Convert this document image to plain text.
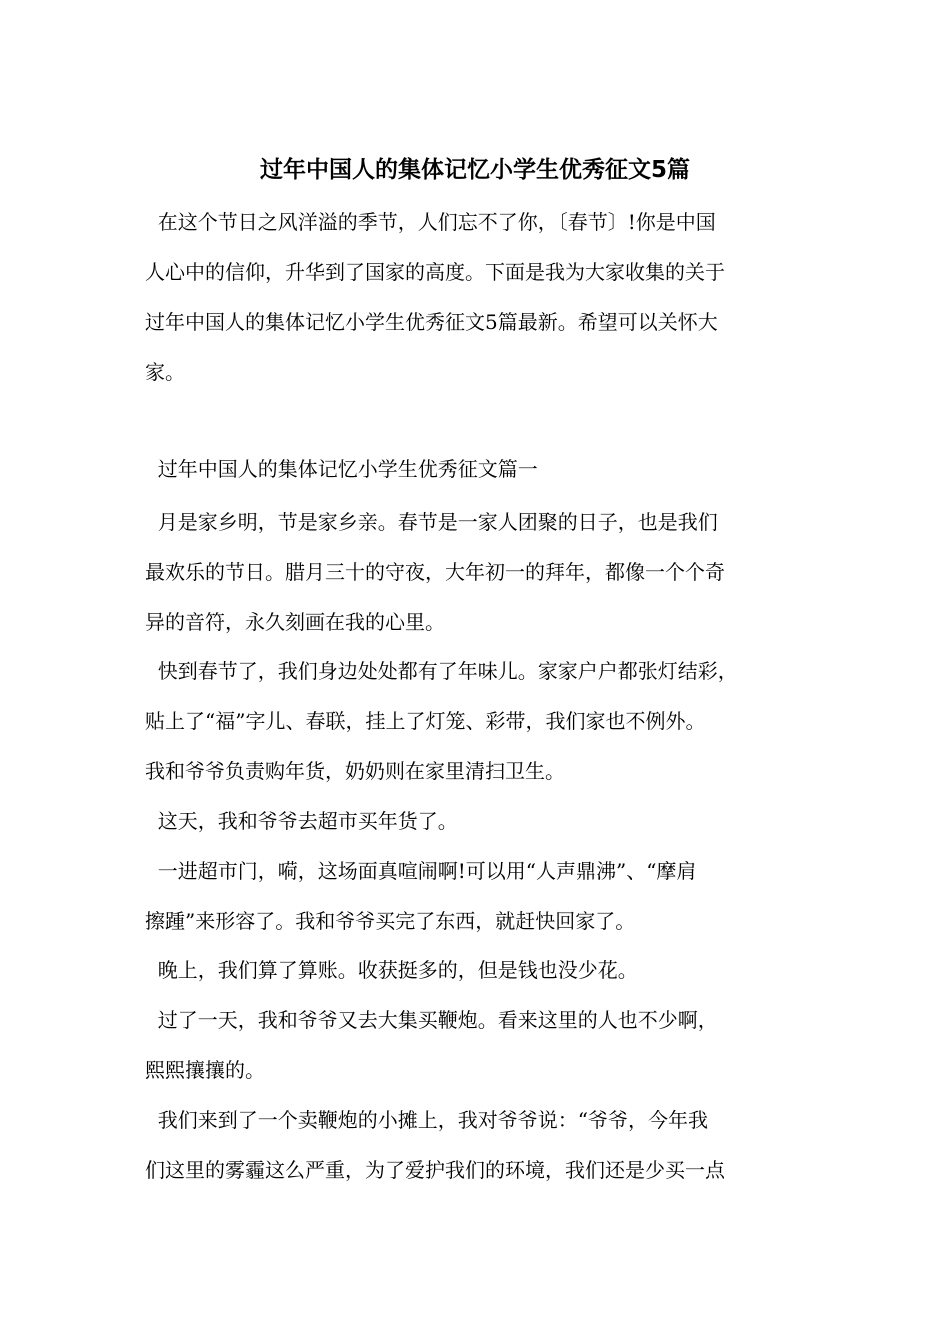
过年中国人的集体记忆小学生优秀征文5篇
在这个节日之风洋溢的季节，人们忘不了你，〔春节〕!你是中国
人心中的信仰，升华到了国家的高度。下面是我为大家收集的关于
过年中国人的集体记忆小学生优秀征文5篇最新。希望可以关怀大
家。
过年中国人的集体记忆小学生优秀征文篇一
月是家乡明，节是家乡亲。春节是一家人团聚的日子，也是我们
最欢乐的节日。腊月三十的守夜，大年初一的拜年，都像一个个奇
异的音符，永久刻画在我的心里。
快到春节了，我们身边处处都有了年味儿。家家户户都张灯结彩，
贴上了“福”字儿、春联，挂上了灯笼、彩带，我们家也不例外。
我和爷爷负责购年货，奶奶则在家里清扫卫生。
这天，我和爷爷去超市买年货了。
一进超市门，嗬，这场面真喧闹啊!可以用“人声鼎沸”、“摩肩
擦踵”来形容了。我和爷爷买完了东西，就赶快回家了。
晚上，我们算了算账。收获挺多的，但是钱也没少花。
过了一天，我和爷爷又去大集买鞭炮。看来这里的人也不少啊，
熙熙攘攘的。
我们来到了一个卖鞭炮的小摊上，我对爷爷说：“爷爷，今年我
们这里的雾霾这么严重，为了爱护我们的环境，我们还是少买一点
